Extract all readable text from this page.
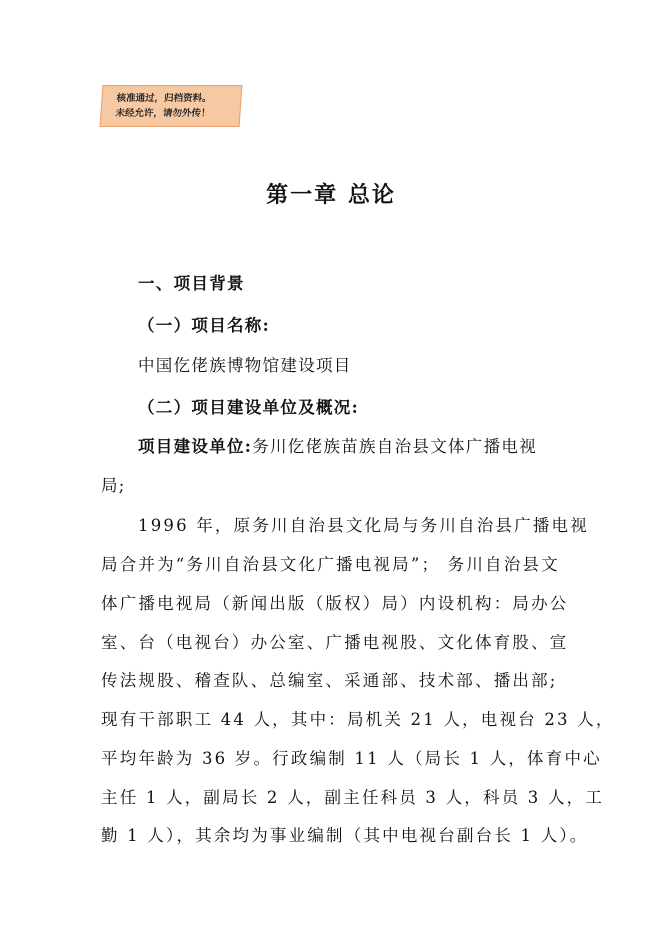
核准通过，归档资料。
未经允许，请勿外传！
第一章 总论
一、项目背景
（一）项目名称:
中国仡佬族博物馆建设项目
（二）项目建设单位及概况:
项目建设单位:务川仡佬族苗族自治县文体广播电视
局;
1996 年，原务川自治县文化局与务川自治县广播电视
局合并为“务川自治县文化广播电视局”； 务川自治县文
体广播电视局（新闻出版（版权）局）内设机构：局办公
室、台（电视台）办公室、广播电视股、文化体育股、宣
传法规股、稽查队、总编室、采通部、技术部、播出部;
现有干部职工 44 人，其中：局机关 21 人，电视台 23 人，
平均年龄为 36 岁。行政编制 11 人（局长 1 人，体育中心
主任 1 人，副局长 2 人，副主任科员 3 人，科员 3 人，工
勤 1 人），其余均为事业编制（其中电视台副台长 1 人）。
